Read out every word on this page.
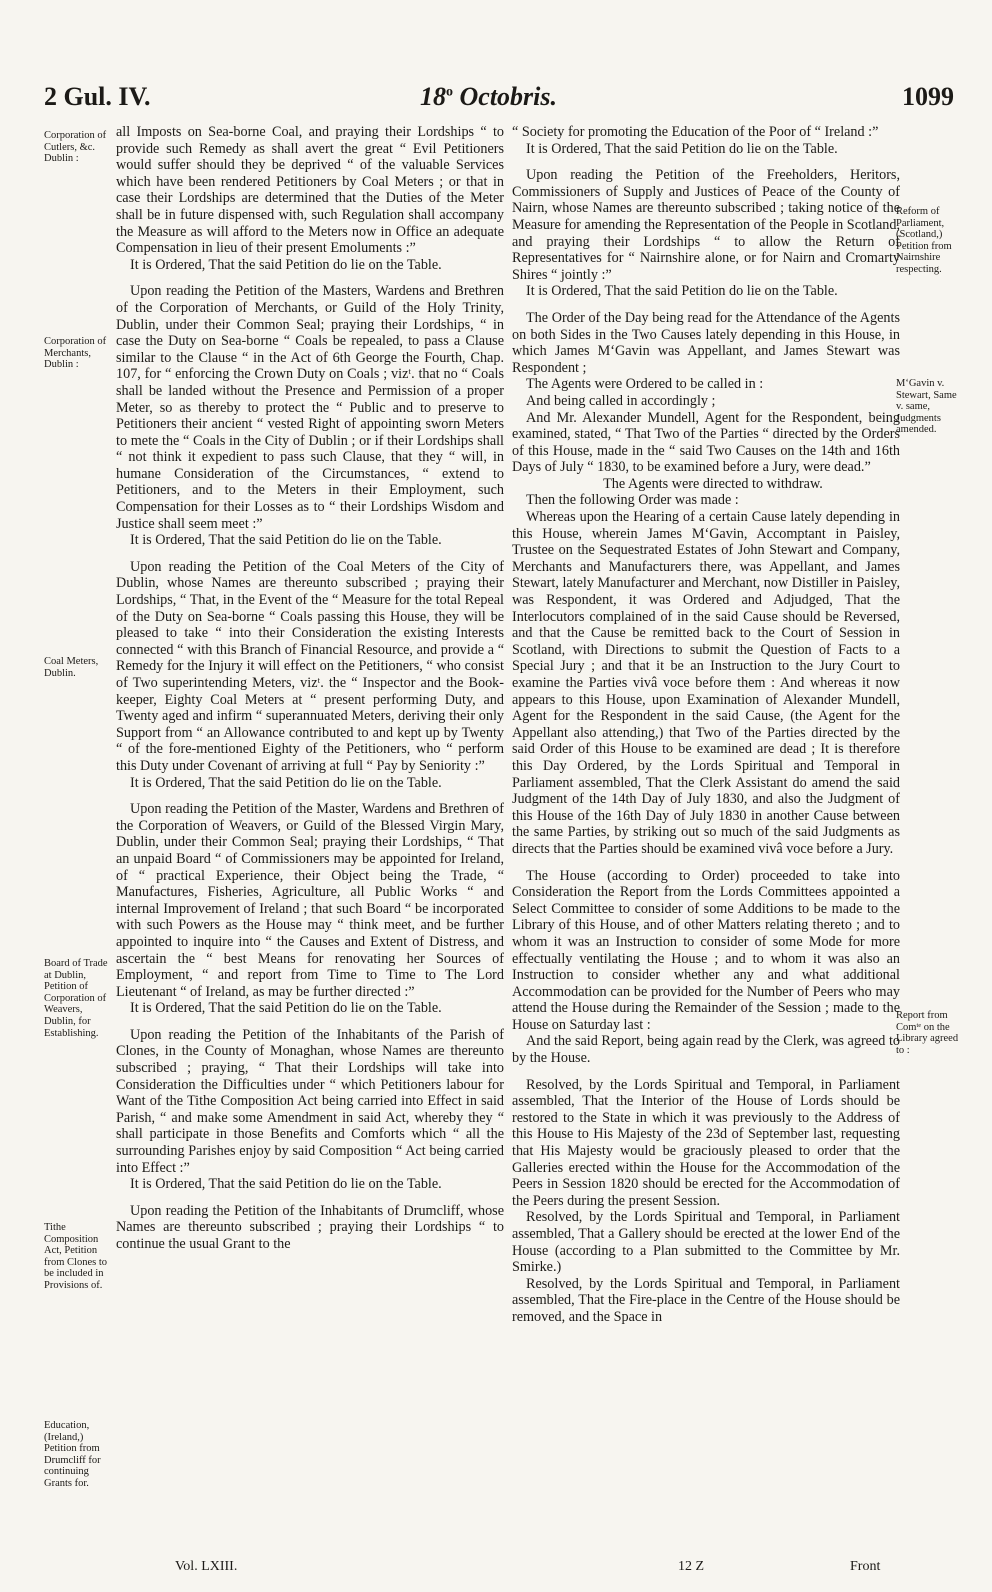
2 Gul. IV.	18$^o$ Octobris.	1099
Corporation of Cutlers, &c. Dublin :
Corporation of Merchants, Dublin :
Coal Meters, Dublin.
Board of Trade at Dublin, Petition of Corporation of Weavers, Dublin, for Establishing.
Tithe Composition Act, Petition from Clones to be included in Provisions of.
Education, (Ireland,) Petition from Drumcliff for continuing Grants for.
Reform of Parliament, (Scotland,) Petition from Nairnshire respecting.
M‘Gavin v. Stewart, Same v. same, Judgments amended.
Report from Comᵗᵉ on the Library agreed to :

all Imposts on Sea-borne Coal, and praying their Lordships “ to provide such Remedy as shall avert the great “ Evil Petitioners would suffer should they be deprived “ of the valuable Services which have been rendered Petitioners by Coal Meters ; or that in case their Lordships are determined that the Duties of the Meter shall be in future dispensed with, such Regulation shall accompany the Measure as will afford to the Meters now in Office an adequate Compensation in lieu of their present Emoluments :”

It is Ordered, That the said Petition do lie on the Table.

Upon reading the Petition of the Masters, Wardens and Brethren of the Corporation of Merchants, or Guild of the Holy Trinity, Dublin, under their Common Seal; praying their Lordships, “ in case the Duty on Sea-borne “ Coals be repealed, to pass a Clause similar to the Clause “ in the Act of 6th George the Fourth, Chap. 107, for “ enforcing the Crown Duty on Coals ; vizᵗ. that no “ Coals shall be landed without the Presence and Permission of a proper Meter, so as thereby to protect the “ Public and to preserve to Petitioners their ancient “ vested Right of appointing sworn Meters to mete the “ Coals in the City of Dublin ; or if their Lordships shall “ not think it expedient to pass such Clause, that they “ will, in humane Consideration of the Circumstances, “ extend to Petitioners, and to the Meters in their Employment, such Compensation for their Losses as to “ their Lordships Wisdom and Justice shall seem meet :”

It is Ordered, That the said Petition do lie on the Table.

Upon reading the Petition of the Coal Meters of the City of Dublin, whose Names are thereunto subscribed ; praying their Lordships, “ That, in the Event of the “ Measure for the total Repeal of the Duty on Sea-borne “ Coals passing this House, they will be pleased to take “ into their Consideration the existing Interests connected “ with this Branch of Financial Resource, and provide a “ Remedy for the Injury it will effect on the Petitioners, “ who consist of Two superintending Meters, vizᵗ. the “ Inspector and the Book-keeper, Eighty Coal Meters at “ present performing Duty, and Twenty aged and infirm “ superannuated Meters, deriving their only Support from “ an Allowance contributed to and kept up by Twenty “ of the fore-mentioned Eighty of the Petitioners, who “ perform this Duty under Covenant of arriving at full “ Pay by Seniority :”

It is Ordered, That the said Petition do lie on the Table.

Upon reading the Petition of the Master, Wardens and Brethren of the Corporation of Weavers, or Guild of the Blessed Virgin Mary, Dublin, under their Common Seal; praying their Lordships, “ That an unpaid Board “ of Commissioners may be appointed for Ireland, of “ practical Experience, their Object being the Trade, “ Manufactures, Fisheries, Agriculture, all Public Works “ and internal Improvement of Ireland ; that such Board “ be incorporated with such Powers as the House may “ think meet, and be further appointed to inquire into “ the Causes and Extent of Distress, and ascertain the “ best Means for renovating her Sources of Employment, “ and report from Time to Time to The Lord Lieutenant “ of Ireland, as may be further directed :”

It is Ordered, That the said Petition do lie on the Table.

Upon reading the Petition of the Inhabitants of the Parish of Clones, in the County of Monaghan, whose Names are thereunto subscribed ; praying, “ That their Lordships will take into Consideration the Difficulties under “ which Petitioners labour for Want of the Tithe Composition Act being carried into Effect in said Parish, “ and make some Amendment in said Act, whereby they “ shall participate in those Benefits and Comforts which “ all the surrounding Parishes enjoy by said Composition “ Act being carried into Effect :”

It is Ordered, That the said Petition do lie on the Table.

Upon reading the Petition of the Inhabitants of Drumcliff, whose Names are thereunto subscribed ; praying their Lordships “ to continue the usual Grant to the

“ Society for promoting the Education of the Poor of “ Ireland :”

It is Ordered, That the said Petition do lie on the Table.

Upon reading the Petition of the Freeholders, Heritors, Commissioners of Supply and Justices of Peace of the County of Nairn, whose Names are thereunto subscribed ; taking notice of the Measure for amending the Representation of the People in Scotland, and praying their Lordships “ to allow the Return of Representatives for “ Nairnshire alone, or for Nairn and Cromarty Shires “ jointly :”

It is Ordered, That the said Petition do lie on the Table.

The Order of the Day being read for the Attendance of the Agents on both Sides in the Two Causes lately depending in this House, in which James M‘Gavin was Appellant, and James Stewart was Respondent ;

The Agents were Ordered to be called in :

And being called in accordingly ;

And Mr. Alexander Mundell, Agent for the Respondent, being examined, stated, “ That Two of the Parties “ directed by the Orders of this House, made in the “ said Two Causes on the 14th and 16th Days of July “ 1830, to be examined before a Jury, were dead.”

The Agents were directed to withdraw.

Then the following Order was made :

Whereas upon the Hearing of a certain Cause lately depending in this House, wherein James M‘Gavin, Accomptant in Paisley, Trustee on the Sequestrated Estates of John Stewart and Company, Merchants and Manufacturers there, was Appellant, and James Stewart, lately Manufacturer and Merchant, now Distiller in Paisley, was Respondent, it was Ordered and Adjudged, That the Interlocutors complained of in the said Cause should be Reversed, and that the Cause be remitted back to the Court of Session in Scotland, with Directions to submit the Question of Facts to a Special Jury ; and that it be an Instruction to the Jury Court to examine the Parties vivâ voce before them : And whereas it now appears to this House, upon Examination of Alexander Mundell, Agent for the Respondent in the said Cause, (the Agent for the Appellant also attending,) that Two of the Parties directed by the said Order of this House to be examined are dead ; It is therefore this Day Ordered, by the Lords Spiritual and Temporal in Parliament assembled, That the Clerk Assistant do amend the said Judgment of the 14th Day of July 1830, and also the Judgment of this House of the 16th Day of July 1830 in another Cause between the same Parties, by striking out so much of the said Judgments as directs that the Parties should be examined vivâ voce before a Jury.

The House (according to Order) proceeded to take into Consideration the Report from the Lords Committees appointed a Select Committee to consider of some Additions to be made to the Library of this House, and of other Matters relating thereto ; and to whom it was an Instruction to consider of some Mode for more effectually ventilating the House ; and to whom it was also an Instruction to consider whether any and what additional Accommodation can be provided for the Number of Peers who may attend the House during the Remainder of the Session ; made to the House on Saturday last :

And the said Report, being again read by the Clerk, was agreed to by the House.

Resolved, by the Lords Spiritual and Temporal, in Parliament assembled, That the Interior of the House of Lords should be restored to the State in which it was previously to the Address of this House to His Majesty of the 23d of September last, requesting that His Majesty would be graciously pleased to order that the Galleries erected within the House for the Accommodation of the Peers in Session 1820 should be erected for the Accommodation of the Peers during the present Session.

Resolved, by the Lords Spiritual and Temporal, in Parliament assembled, That a Gallery should be erected at the lower End of the House (according to a Plan submitted to the Committee by Mr. Smirke.)

Resolved, by the Lords Spiritual and Temporal, in Parliament assembled, That the Fire-place in the Centre of the House should be removed, and the Space in

Vol. LXIII.	12 Z	Front
